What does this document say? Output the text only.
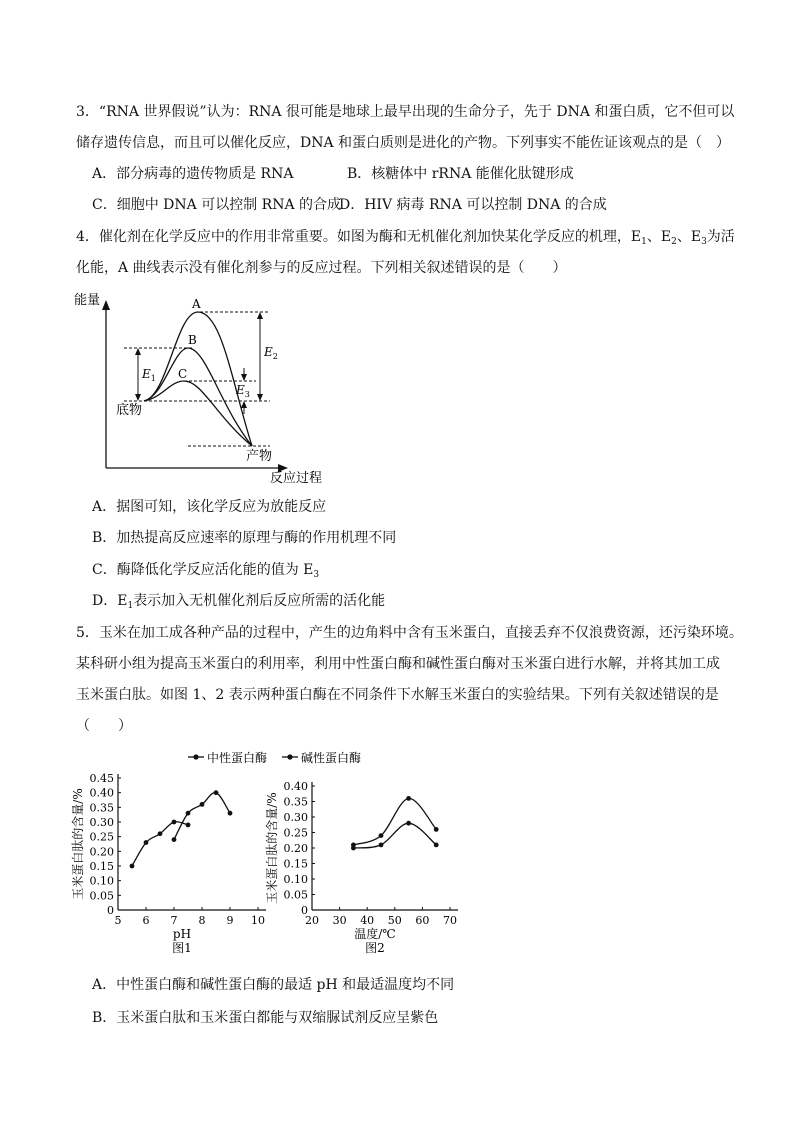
3．“RNA 世界假说”认为：RNA 很可能是地球上最早出现的生命分子，先于 DNA 和蛋白质，它不但可以
储存遗传信息，而且可以催化反应，DNA 和蛋白质则是进化的产物。下列事实不能佐证该观点的是（　）
A．部分病毒的遗传物质是 RNA	B．核糖体中 rRNA 能催化肽键形成
C．细胞中 DNA 可以控制 RNA 的合成
D．HIV 病毒 RNA 可以控制 DNA 的合成
4．催化剂在化学反应中的作用非常重要。如图为酶和无机催化剂加快某化学反应的机理，$E_1$、$E_2$、$E_3$为活
化能，A 曲线表示没有催化剂参与的反应过程。下列相关叙述错误的是（　　）
能量
反应过程
A
B
C
底物
产物
$E_1$
$E_2$
$E_3$
A．据图可知，该化学反应为放能反应
B．加热提高反应速率的原理与酶的作用机理不同
C．酶降低化学反应活化能的值为 $E_3$
D．$E_1$表示加入无机催化剂后反应所需的活化能
5．玉米在加工成各种产品的过程中，产生的边角料中含有玉米蛋白，直接丢弃不仅浪费资源，还污染环境。
某科研小组为提高玉米蛋白的利用率，利用中性蛋白酶和碱性蛋白酶对玉米蛋白进行水解，并将其加工成
玉米蛋白肽。如图 1、2 表示两种蛋白酶在不同条件下水解玉米蛋白的实验结果。下列有关叙述错误的是
（　　）
中性蛋白酶	碱性蛋白酶
0
0.05
0.10
0.15
0.20
0.25
0.30
0.35
0.40
0.45
5 6 7 8 9 10
pH
玉米蛋白肽的含量/%
图1
0
0.05
0.10
0.15
0.20
0.25
0.30
0.35
0.40
20 30 40 50 60 70
温度/℃
玉米蛋白肽的含量/%
图2
A．中性蛋白酶和碱性蛋白酶的最适 pH 和最适温度均不同
B．玉米蛋白肽和玉米蛋白都能与双缩脲试剂反应呈紫色
